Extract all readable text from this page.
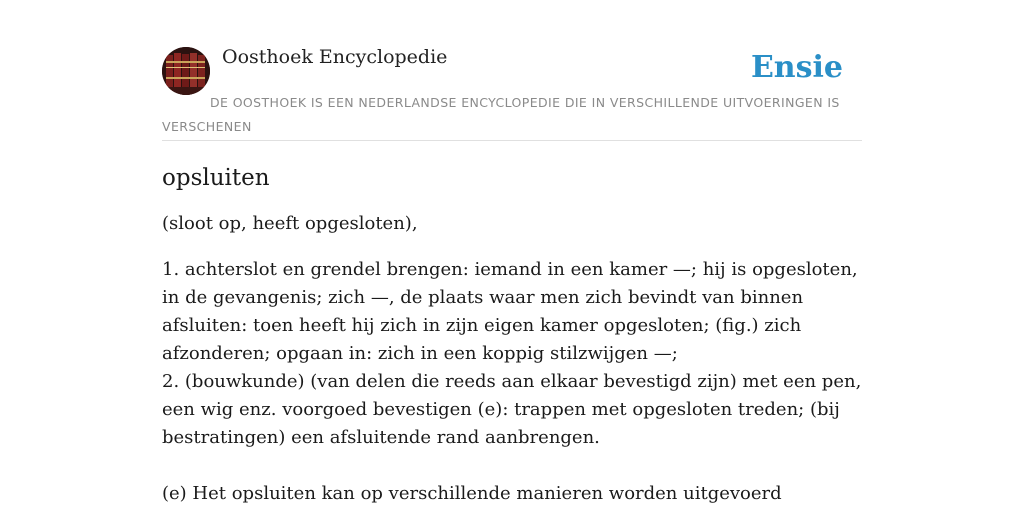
Oosthoek Encyclopedie	Ensie
DE OOSTHOEK IS EEN NEDERLANDSE ENCYCLOPEDIE DIE IN VERSCHILLENDE UITVOERINGEN IS VERSCHENEN
opsluiten

(sloot op, heeft opgesloten),

1. achterslot en grendel brengen: iemand in een kamer —; hij is opgesloten, in de gevangenis; zich —, de plaats waar men zich bevindt van binnen afsluiten: toen heeft hij zich in zijn eigen kamer opgesloten; (fig.) zich afzonderen; opgaan in: zich in een koppig stilzwijgen —;
2. (bouwkunde) (van delen die reeds aan elkaar bevestigd zijn) met een pen, een wig enz. voorgoed bevestigen (e): trappen met opgesloten treden; (bij bestratingen) een afsluitende rand aanbrengen.

(e) Het opsluiten kan op verschillende manieren worden uitgevoerd
